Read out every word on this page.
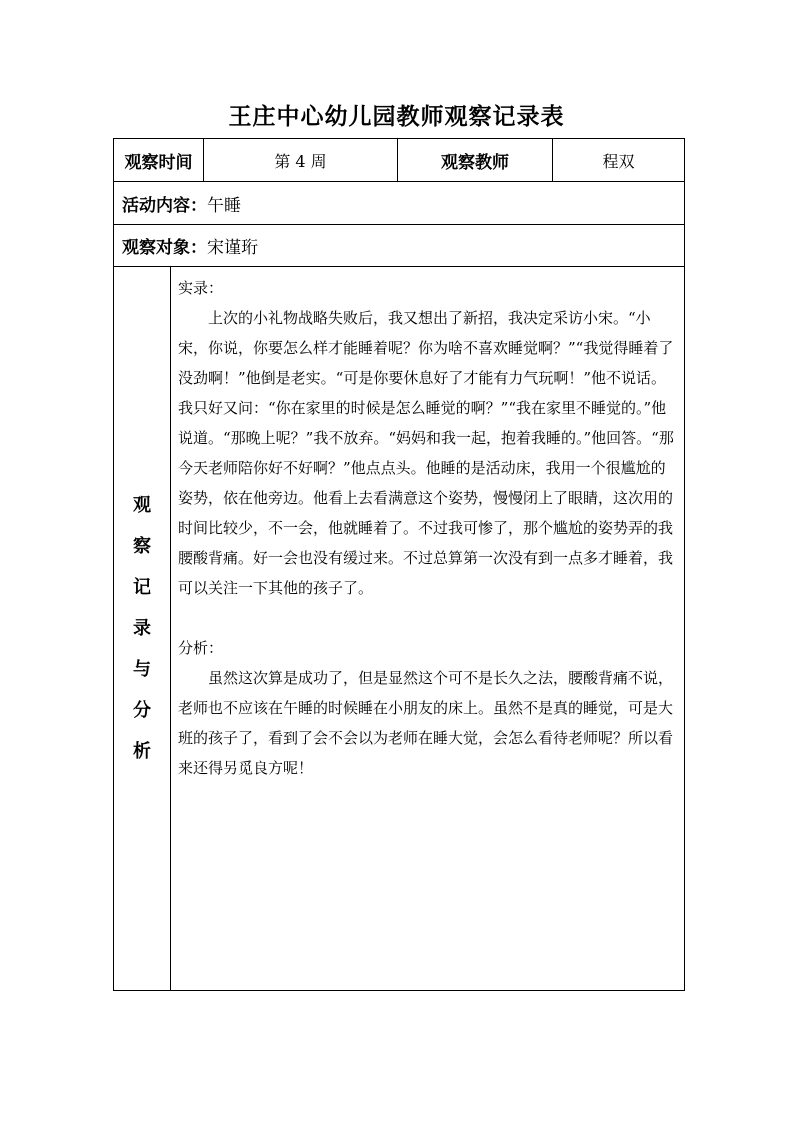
王庄中心幼儿园教师观察记录表
观察时间	第 4 周	观察教师	程双
活动内容： 午睡
观察对象： 宋谨珩
观
察
记
录
与
分
析

实录：

上次的小礼物战略失败后，我又想出了新招，我决定采访小宋。“小宋，你说，你要怎么样才能睡着呢？你为啥不喜欢睡觉啊？”“我觉得睡着了没劲啊！”他倒是老实。“可是你要休息好了才能有力气玩啊！”他不说话。我只好又问：“你在家里的时候是怎么睡觉的啊？”“我在家里不睡觉的。”他说道。“那晚上呢？”我不放弃。“妈妈和我一起，抱着我睡的。”他回答。“那今天老师陪你好不好啊？”他点点头。他睡的是活动床，我用一个很尴尬的姿势，依在他旁边。他看上去看满意这个姿势，慢慢闭上了眼睛，这次用的时间比较少，不一会，他就睡着了。不过我可惨了，那个尴尬的姿势弄的我腰酸背痛。好一会也没有缓过来。不过总算第一次没有到一点多才睡着，我可以关注一下其他的孩子了。

分析：

虽然这次算是成功了，但是显然这个可不是长久之法，腰酸背痛不说，老师也不应该在午睡的时候睡在小朋友的床上。虽然不是真的睡觉，可是大班的孩子了，看到了会不会以为老师在睡大觉，会怎么看待老师呢？所以看来还得另觅良方呢！
